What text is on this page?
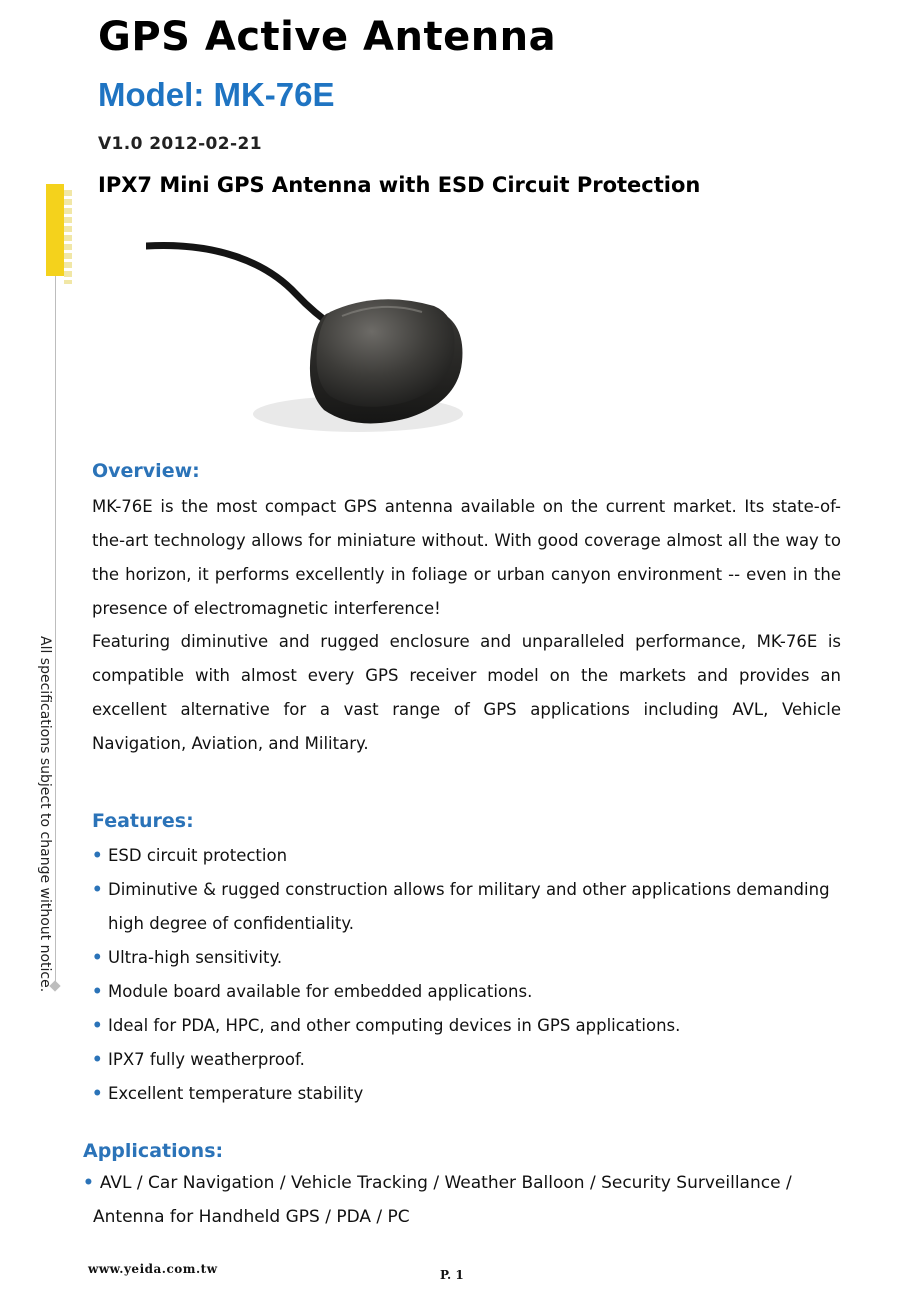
GPS Active Antenna
Model: MK-76E
V1.0 2012-02-21
IPX7 Mini GPS Antenna with ESD Circuit Protection
All specifications subject to change without notice.
Overview:

MK-76E is the most compact GPS antenna available on the current market. Its state-of-the-art technology allows for miniature without. With good coverage almost all the way to the horizon, it performs excellently in foliage or urban canyon environment -- even in the presence of electromagnetic interference!

Featuring diminutive and rugged enclosure and unparalleled performance, MK-76E is compatible with almost every GPS receiver model on the markets and provides an excellent alternative for a vast range of GPS applications including AVL, Vehicle Navigation, Aviation, and Military.

Features:
• ESD circuit protection
• Diminutive & rugged construction allows for military and other applications demanding high degree of confidentiality.
• Ultra-high sensitivity.
• Module board available for embedded applications.
• Ideal for PDA, HPC, and other computing devices in GPS applications.
• IPX7 fully weatherproof.
• Excellent temperature stability
Applications:
• AVL / Car Navigation / Vehicle Tracking / Weather Balloon / Security Surveillance /
Antenna for Handheld GPS / PDA / PC
www.yeida.com.tw	P. 1
